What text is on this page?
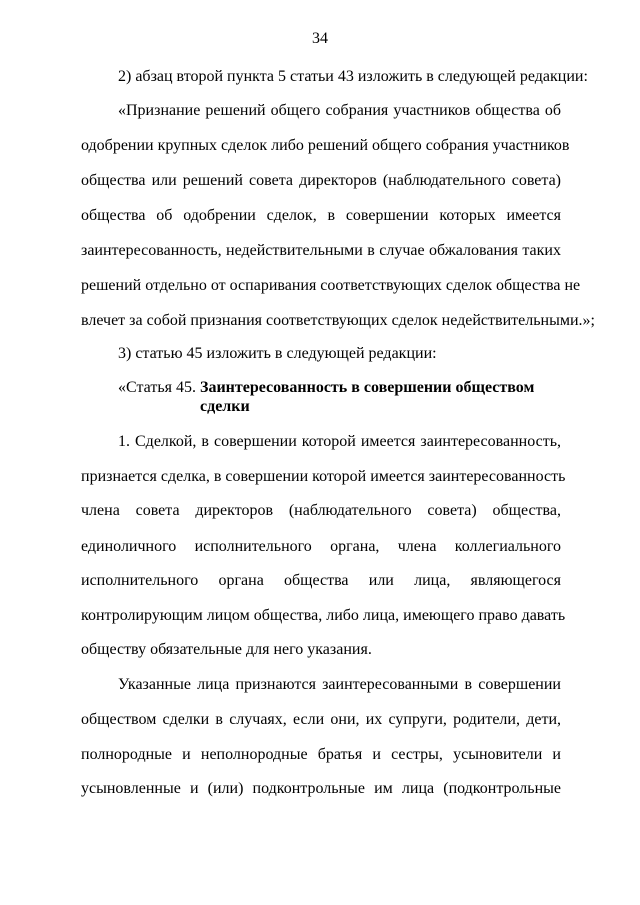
34
2) абзац второй пункта 5 статьи 43 изложить в следующей редакции:
«Признание решений общего собрания участников общества об
одобрении крупных сделок либо решений общего собрания участников
общества или решений совета директоров (наблюдательного совета)
общества об одобрении сделок, в совершении которых имеется
заинтересованность, недействительными в случае обжалования таких
решений отдельно от оспаривания соответствующих сделок общества не
влечет за собой признания соответствующих сделок недействительными.»;
3) статью 45 изложить в следующей редакции:
«Статья 45. Заинтересованность в совершении обществом
сделки
1. Сделкой, в совершении которой имеется заинтересованность,
признается сделка, в совершении которой имеется заинтересованность
члена совета директоров (наблюдательного совета) общества,
единоличного исполнительного органа, члена коллегиального
исполнительного органа общества или лица, являющегося
контролирующим лицом общества, либо лица, имеющего право давать
обществу обязательные для него указания.
Указанные лица признаются заинтересованными в совершении
обществом сделки в случаях, если они, их супруги, родители, дети,
полнородные и неполнородные братья и сестры, усыновители и
усыновленные и (или) подконтрольные им лица (подконтрольные
